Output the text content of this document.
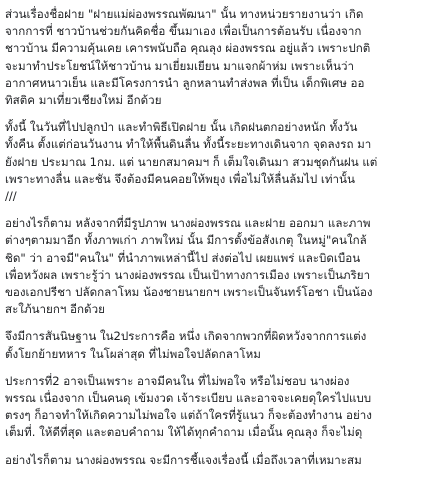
ส่วนเรื่องชื่อฝาย "ฝายแม่ผ่องพรรณพัฒนา" นั้น ทางหน่วยรายงานว่า เกิด
จากการที่ ชาวบ้านช่วยกันคิดชื่อ ขึ้นมาเอง เพื่อเป็นการต้อนรับ เนื่องจาก
ชาวบ้าน มีความคุ้นเคย เคารพนับถือ คุณลุง ผ่องพรรณ อยู่แล้ว เพราะปกติ
จะมาทำประโยชน์ให้ชาวบ้าน มาเยี่ยมเยียน มาแจกผ้าห่ม เพราะเห็นว่า
อากาศหนาวเย็น และมีโครงการนำ ลูกหลานทำส่งพล ที่เป็น เด็กพิเศษ ออ
ทิสติค มาเที่ยวเชียงใหม่ อีกด้วย
ทั้งนี้ ในวันที่ไปปลูกป่า และทำพิธีเปิดฝาย นั้น เกิดฝนตกอย่างหนัก ทั้งวัน
ทั้งคืน ตั้งแต่ก่อนวันงาน ทำให้พื้นดินลื่น ทั้งนี้ระยะทางเดินจาก จุดลงรถ มา
ยังฝาย ประมาณ 1กม. แต่ นายกสมาคมฯ ก็ เต็มใจเดินมา สวมชุดกันฝน แต่
เพราะทางลื่น และชัน จึงต้องมีคนคอยให้พยุง เพื่อไม่ให้ลื่นล้มไป เท่านั้น
///
อย่างไรก็ตาม หลังจากที่มีรูปภาพ นางผ่องพรรณ และฝาย ออกมา และภาพ
ต่างๆตามมาอีก ทั้งภาพเก่า ภาพใหม่ นั้น มีการตั้งข้อสังเกตุ ในหมู่"คนใกล้
ชิด" ว่า อาจมี"คนใน" ที่นำภาพเหล่านี้ไป ส่งต่อไป เผยแพร่ และบิดเบือน
เพื่อหวังผล เพราะรู้ว่า นางผ่องพรรณ เป็นเป้าทางการเมือง เพราะเป็นภริยา
ของเอกปรีชา ปลัดกลาโหม น้องชายนายกฯ เพราะเป็นจันทร์โอชา เป็นน้อง
สะใภ้นายกฯ อีกด้วย
จึงมีการสันนิษฐาน ใน2ประการคือ หนึ่ง เกิดจากพวกที่ผิดหวังจากการแต่ง
ตั้งโยกย้ายทหาร ในโผล่าสุด ที่ไม่พอใจปลัดกลาโหม
ประการที่2 อาจเป็นเพราะ อาจมีคนใน ที่ไม่พอใจ หรือไม่ชอบ นางผ่อง
พรรณ เนื่องจาก เป็นคนดุ เข้มงวด เจ้าระเบียบ และอาจจะเคยดุใครไปแบบ
ตรงๆ ก็อาจทำให้เกิดความไม่พอใจ แต่ถ้าใครที่รู้แนว ก็จะต้องทำงาน อย่าง
เต็มที่. ให้ดีที่สุด และตอบคำถาม ให้ได้ทุกคำถาม เมื่อนั้น คุณลุง ก็จะไม่ดุ
อย่างไรก็ตาม นางผ่องพรรณ จะมีการชี้แจงเรื่องนี้ เมื่อถึงเวลาที่เหมาะสม
